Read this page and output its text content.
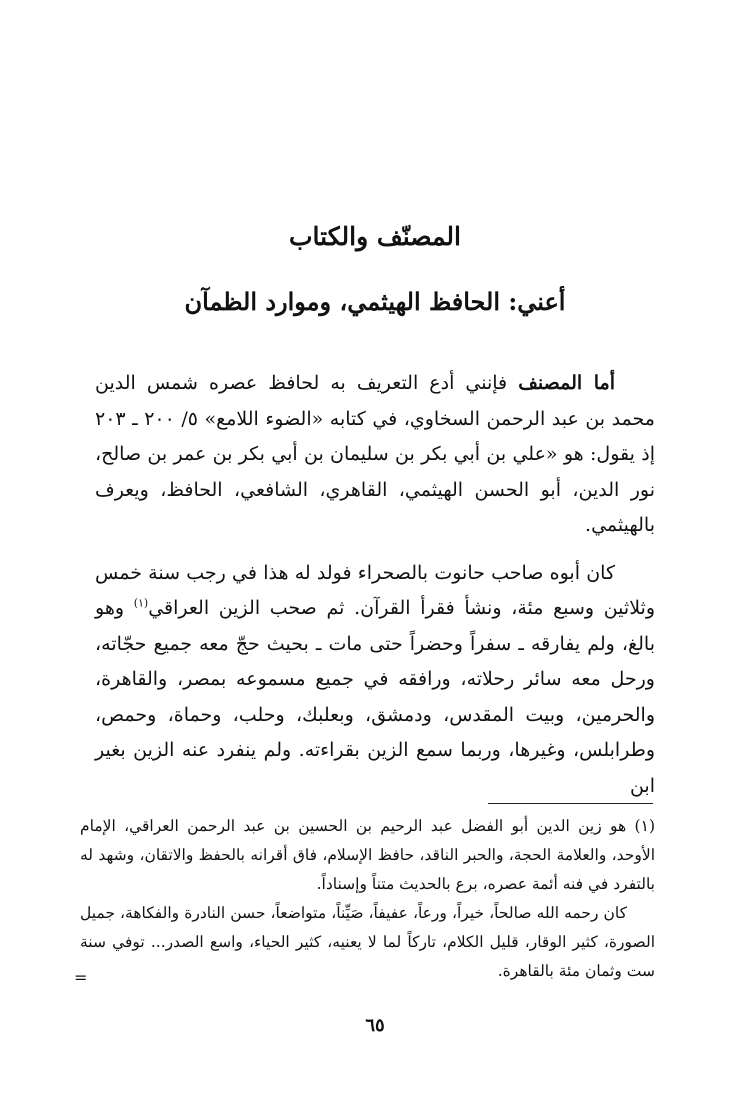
المصنّف والكتاب
أعني: الحافظ الهيثمي، وموارد الظمآن

أما المصنف فإنني أدع التعريف به لحافظ عصره شمس الدين محمد بن عبد الرحمن السخاوي، في كتابه «الضوء اللامع» ٥/ ٢٠٠ ـ ٢٠٣ إذ يقول: هو «علي بن أبي بكر بن سليمان بن أبي بكر بن عمر بن صالح، نور الدين، أبو الحسن الهيثمي، القاهري، الشافعي، الحافظ، ويعرف بالهيثمي.

كان أبوه صاحب حانوت بالصحراء فولد له هذا في رجب سنة خمس وثلاثين وسبع مئة، ونشأ فقرأ القرآن. ثم صحب الزين العراقي$^{(١)}$ وهو بالغ، ولم يفارقه ـ سفراً وحضراً حتى مات ـ بحيث حجّ معه جميع حجّاته، ورحل معه سائر رحلاته، ورافقه في جميع مسموعه بمصر، والقاهرة، والحرمين، وبيت المقدس، ودمشق، وبعلبك، وحلب، وحماة، وحمص، وطرابلس، وغيرها، وربما سمع الزين بقراءته. ولم ينفرد عنه الزين بغير ابن

(١) هو زين الدين أبو الفضل عبد الرحيم بن الحسين بن عبد الرحمن العراقي، الإمام الأوحد، والعلامة الحجة، والحبر الناقد، حافظ الإسلام، فاق أقرانه بالحفظ والاتقان، وشهد له بالتفرد في فنه أئمة عصره، برع بالحديث متناً وإسناداً.

كان رحمه الله صالحاً، خيراً، ورعاً، عفيفاً، صَيِّناً، متواضعاً، حسن النادرة والفكاهة، جميل الصورة، كثير الوقار، قليل الكلام، تاركاً لما لا يعنيه، كثير الحياء، واسع الصدر... توفي سنة ست وثمان مئة بالقاهرة.

=
٦٥
